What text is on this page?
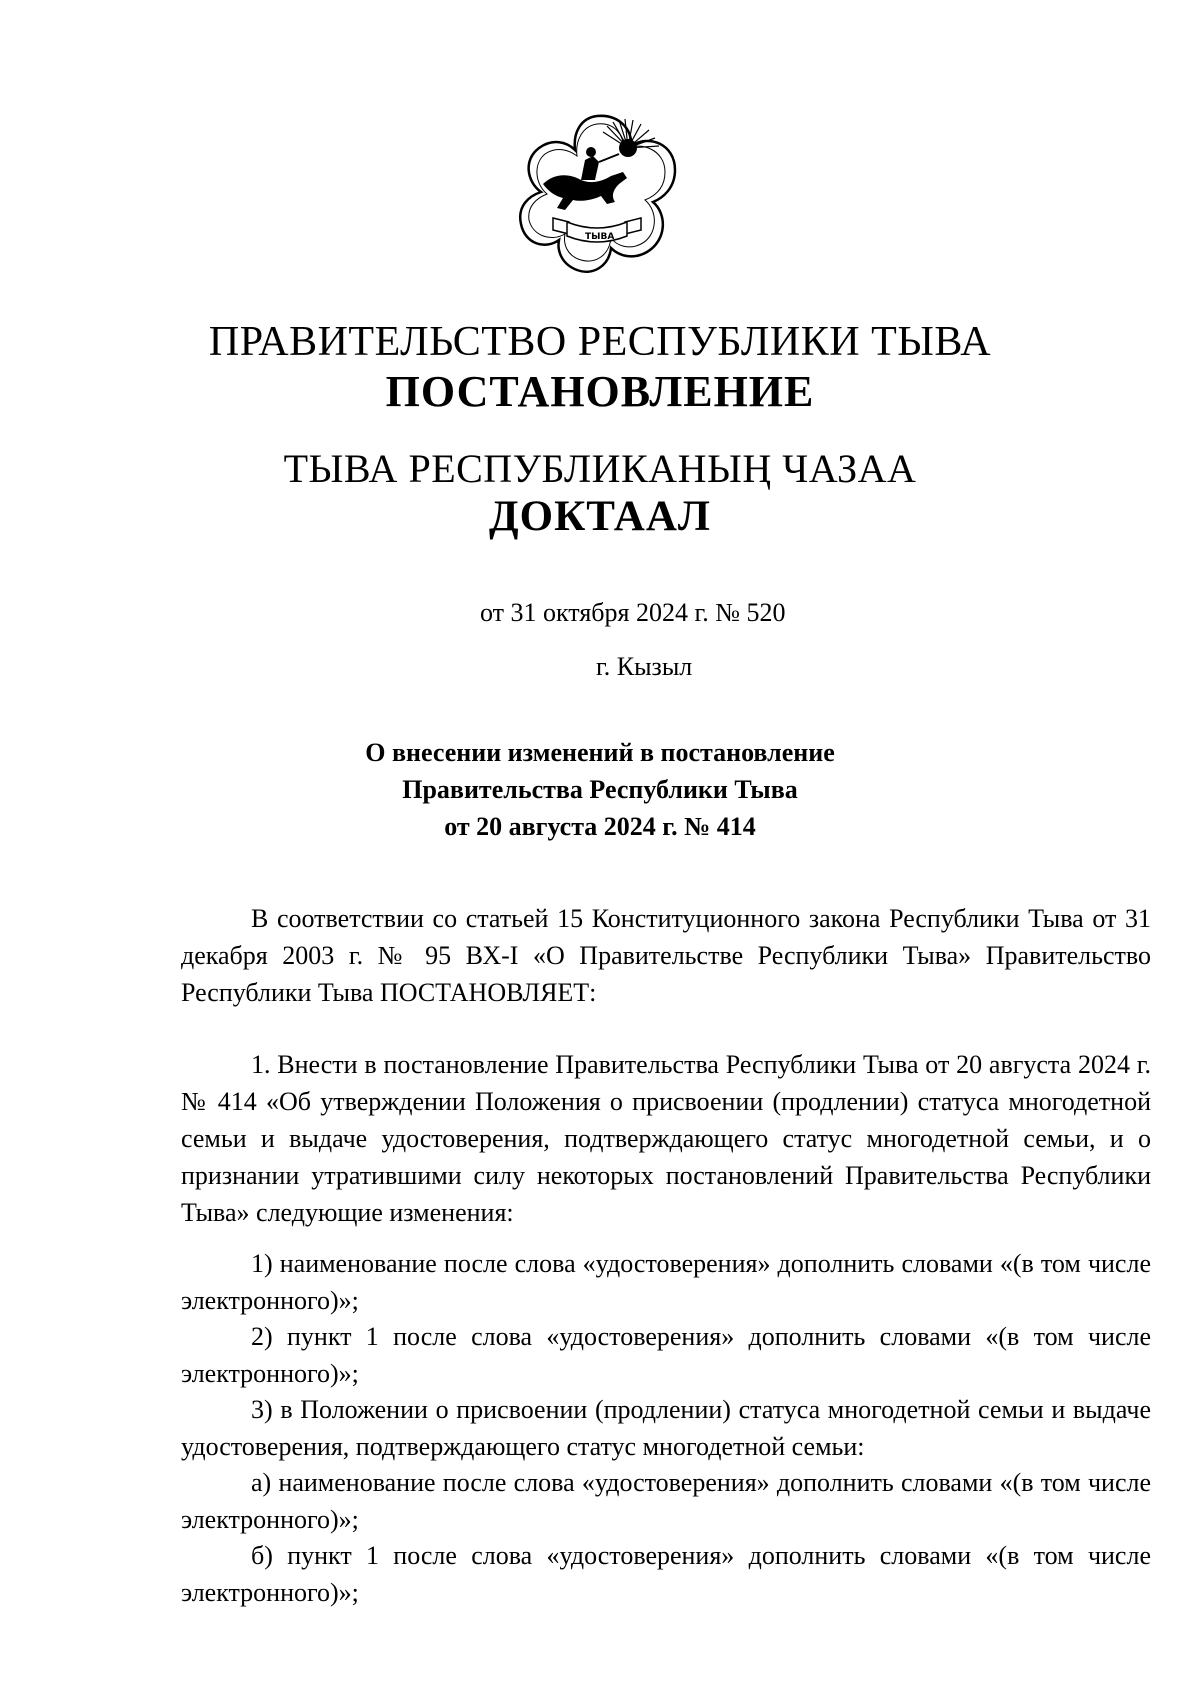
ТЫВА
ПРАВИТЕЛЬСТВО РЕСПУБЛИКИ ТЫВА
ПОСТАНОВЛЕНИЕ
ТЫВА РЕСПУБЛИКАНЫҢ ЧАЗАА
ДОКТААЛ
от 31 октября 2024 г. № 520
г. Кызыл
О внесении изменений в постановление
Правительства Республики Тыва
от 20 августа 2024 г. № 414

В соответствии со статьей 15 Конституционного закона Республики Тыва от 31 декабря 2003 г. № 95 ВХ-I «О Правительстве Республики Тыва» Правительство Республики Тыва ПОСТАНОВЛЯЕТ:

1. Внести в постановление Правительства Республики Тыва от 20 августа 2024 г. № 414 «Об утверждении Положения о присвоении (продлении) статуса многодетной семьи и выдаче удостоверения, подтверждающего статус многодетной семьи, и о признании утратившими силу некоторых постановлений Правительства Республики Тыва» следующие изменения:

1) наименование после слова «удостоверения» дополнить словами «(в том числе электронного)»;

2) пункт 1 после слова «удостоверения» дополнить словами «(в том числе электронного)»;

3) в Положении о присвоении (продлении) статуса многодетной семьи и выдаче удостоверения, подтверждающего статус многодетной семьи:

а) наименование после слова «удостоверения» дополнить словами «(в том числе электронного)»;

б) пункт 1 после слова «удостоверения» дополнить словами «(в том числе электронного)»;
